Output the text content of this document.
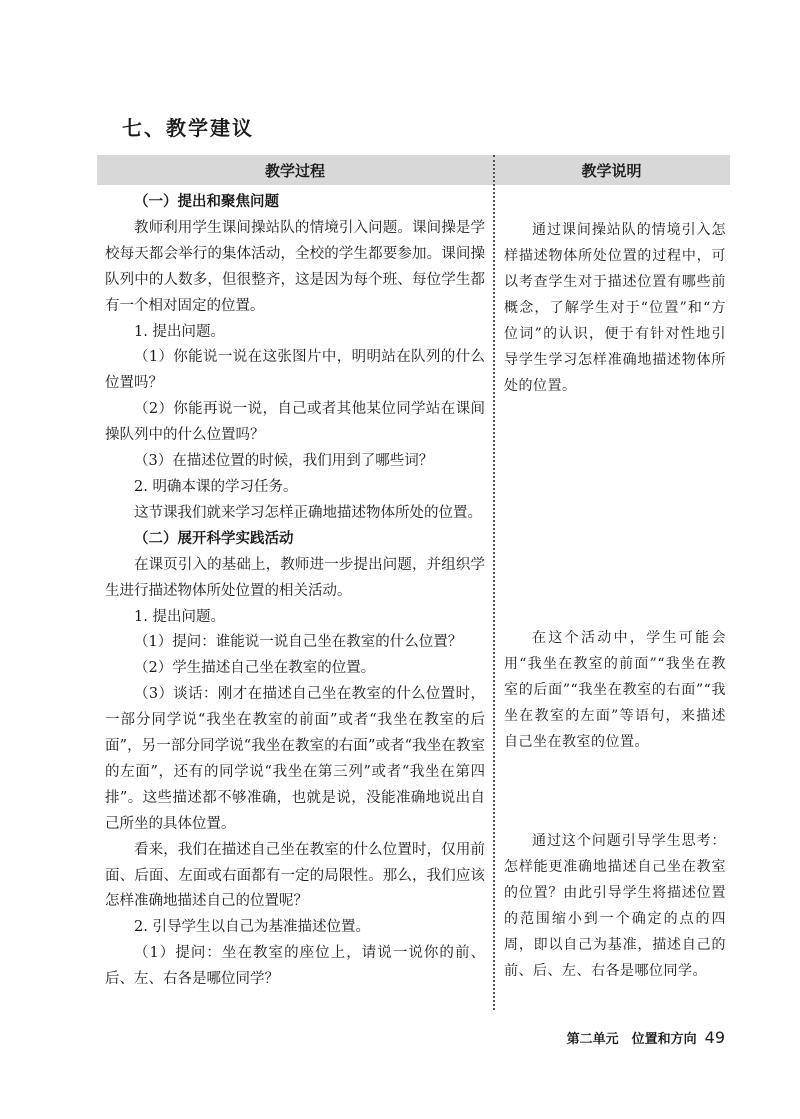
七、教学建议
教学过程	教学说明

（一）提出和聚焦问题

教师利用学生课间操站队的情境引入问题。课间操是学校每天都会举行的集体活动，全校的学生都要参加。课间操队列中的人数多，但很整齐，这是因为每个班、每位学生都有一个相对固定的位置。

1. 提出问题。

（1）你能说一说在这张图片中，明明站在队列的什么位置吗？

（2）你能再说一说，自己或者其他某位同学站在课间操队列中的什么位置吗？

（3）在描述位置的时候，我们用到了哪些词？

2. 明确本课的学习任务。

这节课我们就来学习怎样正确地描述物体所处的位置。

（二）展开科学实践活动

在课页引入的基础上，教师进一步提出问题，并组织学生进行描述物体所处位置的相关活动。

1. 提出问题。

（1）提问：谁能说一说自己坐在教室的什么位置？

（2）学生描述自己坐在教室的位置。

（3）谈话：刚才在描述自己坐在教室的什么位置时，一部分同学说“我坐在教室的前面”或者“我坐在教室的后面”，另一部分同学说“我坐在教室的右面”或者“我坐在教室的左面”，还有的同学说“我坐在第三列”或者“我坐在第四排”。这些描述都不够准确，也就是说，没能准确地说出自己所坐的具体位置。

看来，我们在描述自己坐在教室的什么位置时，仅用前面、后面、左面或右面都有一定的局限性。那么，我们应该怎样准确地描述自己的位置呢？

2. 引导学生以自己为基准描述位置。

（1）提问：坐在教室的座位上，请说一说你的前、后、左、右各是哪位同学？

通过课间操站队的情境引入怎样描述物体所处位置的过程中，可以考查学生对于描述位置有哪些前概念，了解学生对于“位置”和“方位词”的认识，便于有针对性地引导学生学习怎样准确地描述物体所处的位置。

在这个活动中，学生可能会用“我坐在教室的前面”“我坐在教室的后面”“我坐在教室的右面”“我坐在教室的左面”等语句，来描述自己坐在教室的位置。

通过这个问题引导学生思考：怎样能更准确地描述自己坐在教室的位置？由此引导学生将描述位置的范围缩小到一个确定的点的四周，即以自己为基准，描述自己的前、后、左、右各是哪位同学。

第二单元　位置和方向 49
